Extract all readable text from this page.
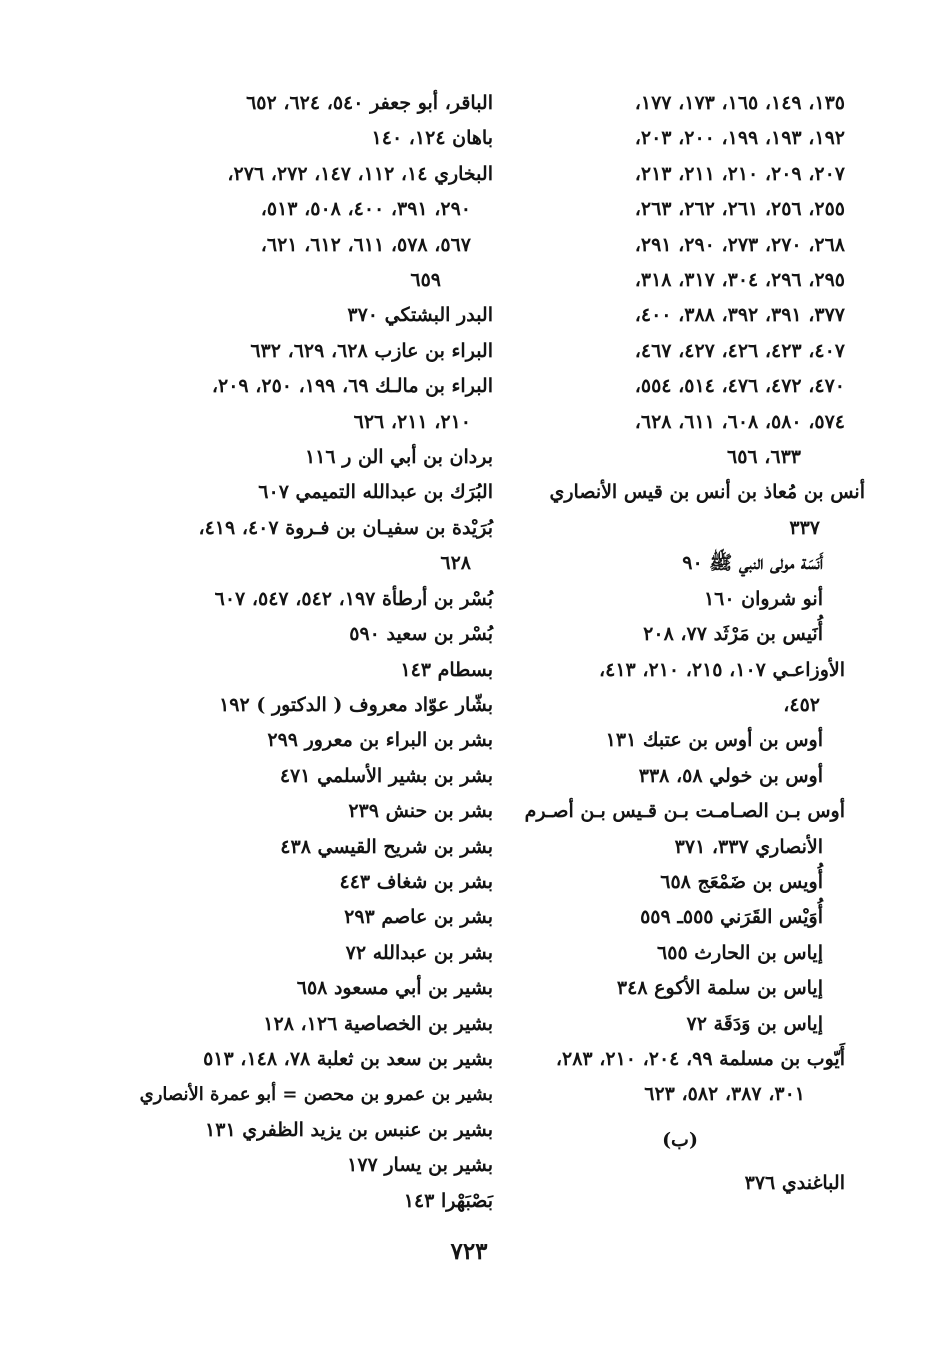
١٣٥، ١٤٩، ١٦٥، ١٧٣، ١٧٧،
١٩٢، ١٩٣، ١٩٩، ٢٠٠، ٢٠٣،
٢٠٧، ٢٠٩، ٢١٠، ٢١١، ٢١٣،
٢٥٥، ٢٥٦، ٢٦١، ٢٦٢، ٢٦٣،
٢٦٨، ٢٧٠، ٢٧٣، ٢٩٠، ٢٩١،
٢٩٥، ٢٩٦، ٣٠٤، ٣١٧، ٣١٨،
٣٧٧، ٣٩١، ٣٩٢، ٣٨٨، ٤٠٠،
٤٠٧، ٤٢٣، ٤٢٦، ٤٢٧، ٤٦٧،
٤٧٠، ٤٧٢، ٤٧٦، ٥١٤، ٥٥٤،
٥٧٤، ٥٨٠، ٦٠٨، ٦١١، ٦٢٨،
٦٣٣، ٦٥٦
أنس بن مُعاذ بن أنس بن قيس الأنصاري
٣٣٧
أَنَسَة مولى النبي ﷺ ٩٠
أنو شروان ١٦٠
أُنَيس بن مَرْثَد ٧٧، ٢٠٨
الأوزاعـي ١٠٧، ٢١٥، ٢١٠، ٤١٣،
٤٥٢،
أوس بن أوس بن عتبك ١٣١
أوس بن خولي ٥٨، ٣٣٨
أوس بـن الصـامـت بـن قـيس بـن أصـرم
الأنصاري ٣٣٧، ٣٧١
أُويس بن ضَمْعَج ٦٥٨
أُوَيْس القَرَني ٥٥٥ـ ٥٥٩
إياس بن الحارث ٦٥٥
إياس بن سلمة الأكوع ٣٤٨
إياس بن وَدَقَة ٧٢
أَيّوب بن مسلمة ٩٩، ٢٠٤، ٢١٠، ٢٨٣،
٣٠١، ٣٨٧، ٥٨٢، ٦٢٣
(ب)
الباغندي ٣٧٦
الباقر، أبو جعفر ٥٤٠، ٦٢٤، ٦٥٢
باهان ١٢٤، ١٤٠
البخاري ١٤، ١١٢، ١٤٧، ٢٧٢، ٢٧٦،
٢٩٠، ٣٩١، ٤٠٠، ٥٠٨، ٥١٣،
٥٦٧، ٥٧٨، ٦١١، ٦١٢، ٦٢١،
٦٥٩
البدر البشتكي ٣٧٠
البراء بن عازب ٦٢٨، ٦٢٩، ٦٣٢
البراء بن مالـك ٦٩، ١٩٩، ٢٥٠، ٢٠٩،
٢١٠، ٢١١، ٦٢٦
بردان بن أبي الن ر ١١٦
البُرَك بن عبدالله التميمي ٦٠٧
بُرَيْدة بن سفيـان بن فـروة ٤٠٧، ٤١٩،
٦٢٨
بُسْر بن أرطأة ١٩٧، ٥٤٢، ٥٤٧، ٦٠٧
بُسْر بن سعيد ٥٩٠
بسطام ١٤٣
بشّار عوّاد معروف ( الدكتور ) ١٩٢
بشر بن البراء بن معرور ٢٩٩
بشر بن بشير الأسلمي ٤٧١
بشر بن حنش ٢٣٩
بشر بن شريح القيسي ٤٣٨
بشر بن شغاف ٤٤٣
بشر بن عاصم ٢٩٣
بشر بن عبدالله ٧٢
بشير بن أبي مسعود ٦٥٨
بشير بن الخصاصية ١٢٦، ١٢٨
بشير بن سعد بن ثعلبة ٧٨، ١٤٨، ٥١٣
بشير بن عمرو بن محصن = أبو عمرة الأنصاري
بشير بن عنبس بن يزيد الظفري ١٣١
بشير بن يسار ١٧٧
بَصْبَهْرا ١٤٣
٧٢٣
